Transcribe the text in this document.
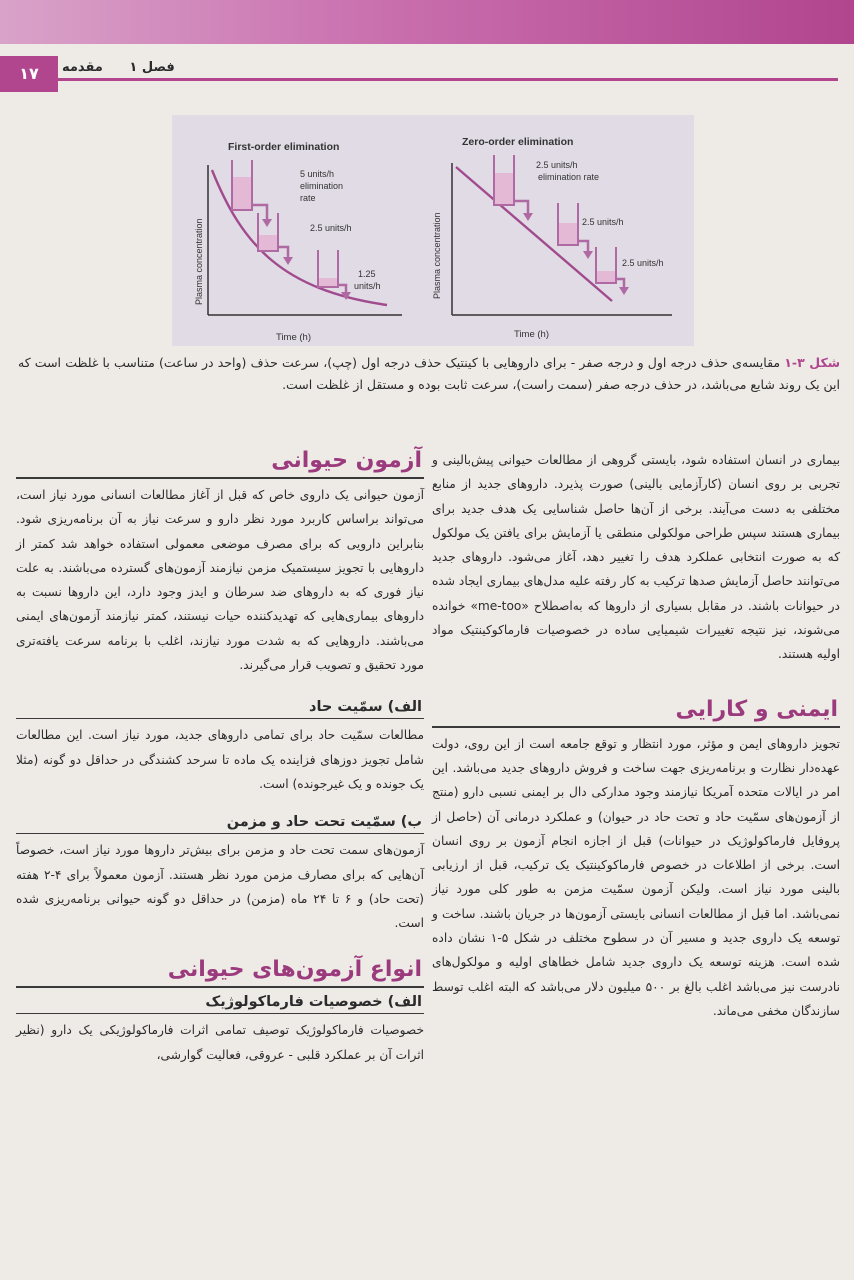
۱۷	فصل ۱ مقدمه
First-order elimination
Plasma concentration
Time (h)
5 units/h
elimination
rate
2.5 units/h
1.25
units/h
Zero-order elimination
Plasma concentration
Time (h)
2.5 units/h
elimination rate
2.5 units/h
2.5 units/h
شکل ۳-۱ مقایسه‌ی حذف درجه اول و درجه صفر - برای داروهایی با کینتیک حذف درجه اول (چپ)، سرعت حذف (واحد در ساعت) متناسب با غلظت است که این یک روند شایع می‌باشد، در حذف درجه صفر (سمت راست)، سرعت ثابت بوده و مستقل از غلظت است.

بیماری در انسان استفاده شود، بایستی گروهی از مطالعات حیوانی پیش‌بالینی و تجربی بر روی انسان (کارآزمایی بالینی) صورت پذیرد. داروهای جدید از منابع مختلفی به دست می‌آیند. برخی از آن‌ها حاصل شناسایی یک هدف جدید برای بیماری هستند سپس طراحی مولکولی منطقی یا آزمایش برای یافتن یک مولکول که به صورت انتخابی عملکرد هدف را تغییر دهد، آغاز می‌شود. داروهای جدید می‌توانند حاصل آزمایش صدها ترکیب به کار رفته علیه مدل‌های بیماری ایجاد شده در حیوانات باشند. در مقابل بسیاری از داروها که به‌اصطلاح «me-too» خوانده می‌شوند، نیز نتیجه تغییرات شیمیایی ساده در خصوصیات فارماکوکینتیک مواد اولیه هستند.

ایمنی و کارایی

تجویز داروهای ایمن و مؤثر، مورد انتظار و توقع جامعه است از این روی، دولت عهده‌دار نظارت و برنامه‌ریزی جهت ساخت و فروش داروهای جدید می‌باشد. این امر در ایالات متحده آمریکا نیازمند وجود مدارکی دال بر ایمنی نسبی دارو (منتج از آزمون‌های سمّیت حاد و تحت حاد در حیوان) و عملکرد درمانی آن (حاصل از پروفایل فارماکولوژیک در حیوانات) قبل از اجازه انجام آزمون بر روی انسان است. برخی از اطلاعات در خصوص فارماکوکینتیک یک ترکیب، قبل از ارزیابی بالینی مورد نیاز است. ولیکن آزمون سمّیت مزمن به طور کلی مورد نیاز نمی‌باشد. اما قبل از مطالعات انسانی بایستی آزمون‌ها در جریان باشند. ساخت و توسعه یک داروی جدید و مسیر آن در سطوح مختلف در شکل ۵-۱ نشان داده شده است. هزینه توسعه یک داروی جدید شامل خطاهای اولیه و مولکول‌های نادرست نیز می‌باشد اغلب بالغ بر ۵۰۰ میلیون دلار می‌باشد که البته اغلب توسط سازندگان مخفی می‌ماند.

آزمون حیوانی

آزمون حیوانی یک داروی خاص که قبل از آغاز مطالعات انسانی مورد نیاز است، می‌تواند براساس کاربرد مورد نظر دارو و سرعت نیاز به آن برنامه‌ریزی شود. بنابراین دارویی که برای مصرف موضعی معمولی استفاده خواهد شد کمتر از داروهایی با تجویز سیستمیک مزمن نیازمند آزمون‌های گسترده می‌باشند. به علت نیاز فوری که به داروهای ضد سرطان و ایدز وجود دارد، این داروها نسبت به داروهای بیماری‌هایی که تهدیدکننده حیات نیستند، کمتر نیازمند آزمون‌های ایمنی می‌باشند. داروهایی که به شدت مورد نیازند، اغلب با برنامه سرعت یافته‌تری مورد تحقیق و تصویب قرار می‌گیرند.

الف) سمّیت حاد

مطالعات سمّیت حاد برای تمامی داروهای جدید، مورد نیاز است. این مطالعات شامل تجویز دوزهای فزاینده یک ماده تا سرحد کشندگی در حداقل دو گونه (مثلا یک جونده و یک غیرجونده) است.

ب) سمّیت تحت حاد و مزمن

آزمون‌های سمت تحت حاد و مزمن برای بیش‌تر داروها مورد نیاز است، خصوصاً آن‌هایی که برای مصارف مزمن مورد نظر هستند. آزمون معمولاً برای ۴-۲ هفته (تحت حاد) و ۶ تا ۲۴ ماه (مزمن) در حداقل دو گونه حیوانی برنامه‌ریزی شده است.

انواع آزمون‌های حیوانی
الف) خصوصیات فارماکولوژیک

خصوصیات فارماکولوژیک توصیف تمامی اثرات فارماکولوژیکی یک دارو (نظیر اثرات آن بر عملکرد قلبی - عروقی، فعالیت گوارشی،
